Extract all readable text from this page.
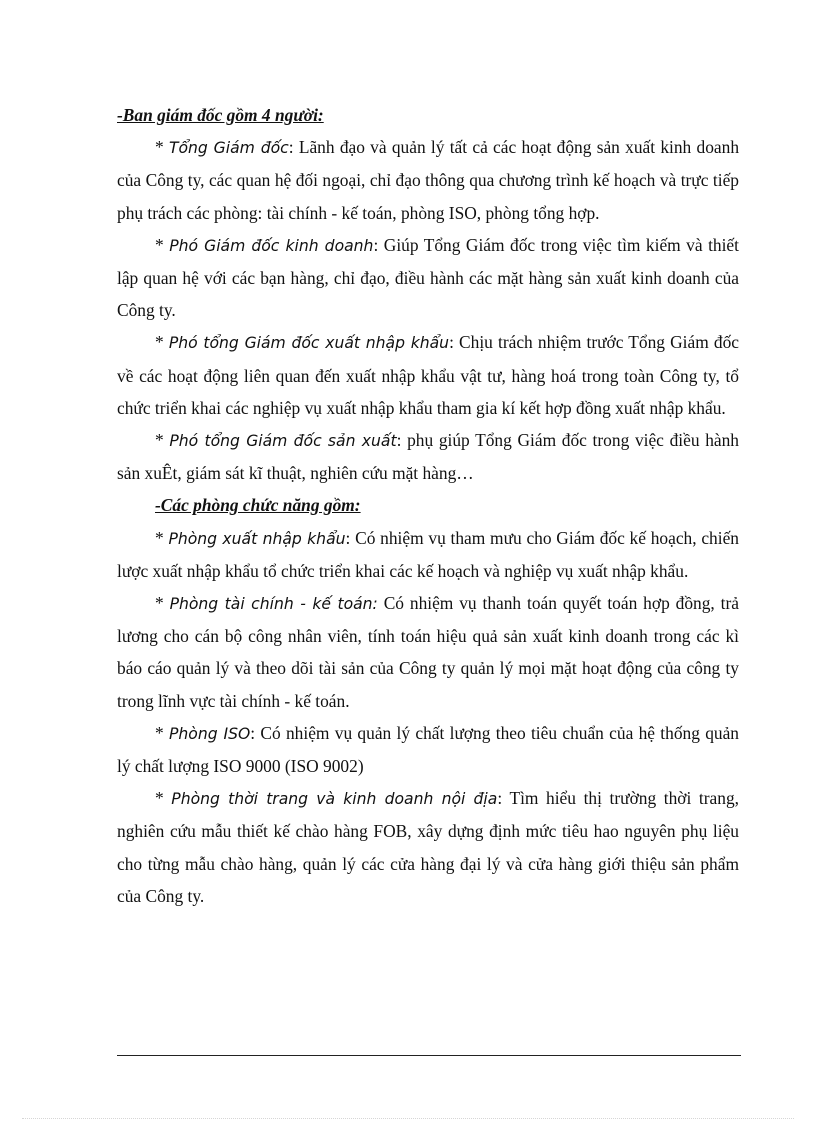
-Ban giám đốc gồm 4 người:

* Tổng Giám đốc: Lãnh đạo và quản lý tất cả các hoạt động sản xuất kinh doanh của Công ty, các quan hệ đối ngoại, chỉ đạo thông qua chương trình kế hoạch và trực tiếp phụ trách các phòng: tài chính - kế toán, phòng ISO, phòng tổng hợp.

* Phó Giám đốc kinh doanh: Giúp Tổng Giám đốc trong việc tìm kiếm và thiết lập quan hệ với các bạn hàng, chỉ đạo, điều hành các mặt hàng sản xuất kinh doanh của Công ty.

* Phó tổng Giám đốc xuất nhập khẩu: Chịu trách nhiệm trước Tổng Giám đốc về các hoạt động liên quan đến xuất nhập khẩu vật tư, hàng hoá trong toàn Công ty, tổ chức triển khai các nghiệp vụ xuất nhập khẩu tham gia kí kết hợp đồng xuất nhập khẩu.

* Phó tổng Giám đốc sản xuất: phụ giúp Tổng Giám đốc trong việc điều hành sản xuÊt, giám sát kĩ thuật, nghiên cứu mặt hàng…

-Các phòng chức năng gồm:

* Phòng xuất nhập khẩu: Có nhiệm vụ tham mưu cho Giám đốc kế hoạch, chiến lược xuất nhập khẩu tổ chức triển khai các kế hoạch và nghiệp vụ xuất nhập khẩu.

* Phòng tài chính - kế toán: Có nhiệm vụ thanh toán quyết toán hợp đồng, trả lương cho cán bộ công nhân viên, tính toán hiệu quả sản xuất kinh doanh trong các kì báo cáo quản lý và theo dõi tài sản của Công ty quản lý mọi mặt hoạt động của công ty trong lĩnh vực tài chính - kế toán.

* Phòng ISO: Có nhiệm vụ quản lý chất lượng theo tiêu chuẩn của hệ thống quản lý chất lượng ISO 9000 (ISO 9002)

* Phòng thời trang và kinh doanh nội địa: Tìm hiểu thị trường thời trang, nghiên cứu mẫu thiết kế chào hàng FOB, xây dựng định mức tiêu hao nguyên phụ liệu cho từng mẫu chào hàng, quản lý các cửa hàng đại lý và cửa hàng giới thiệu sản phẩm của Công ty.
